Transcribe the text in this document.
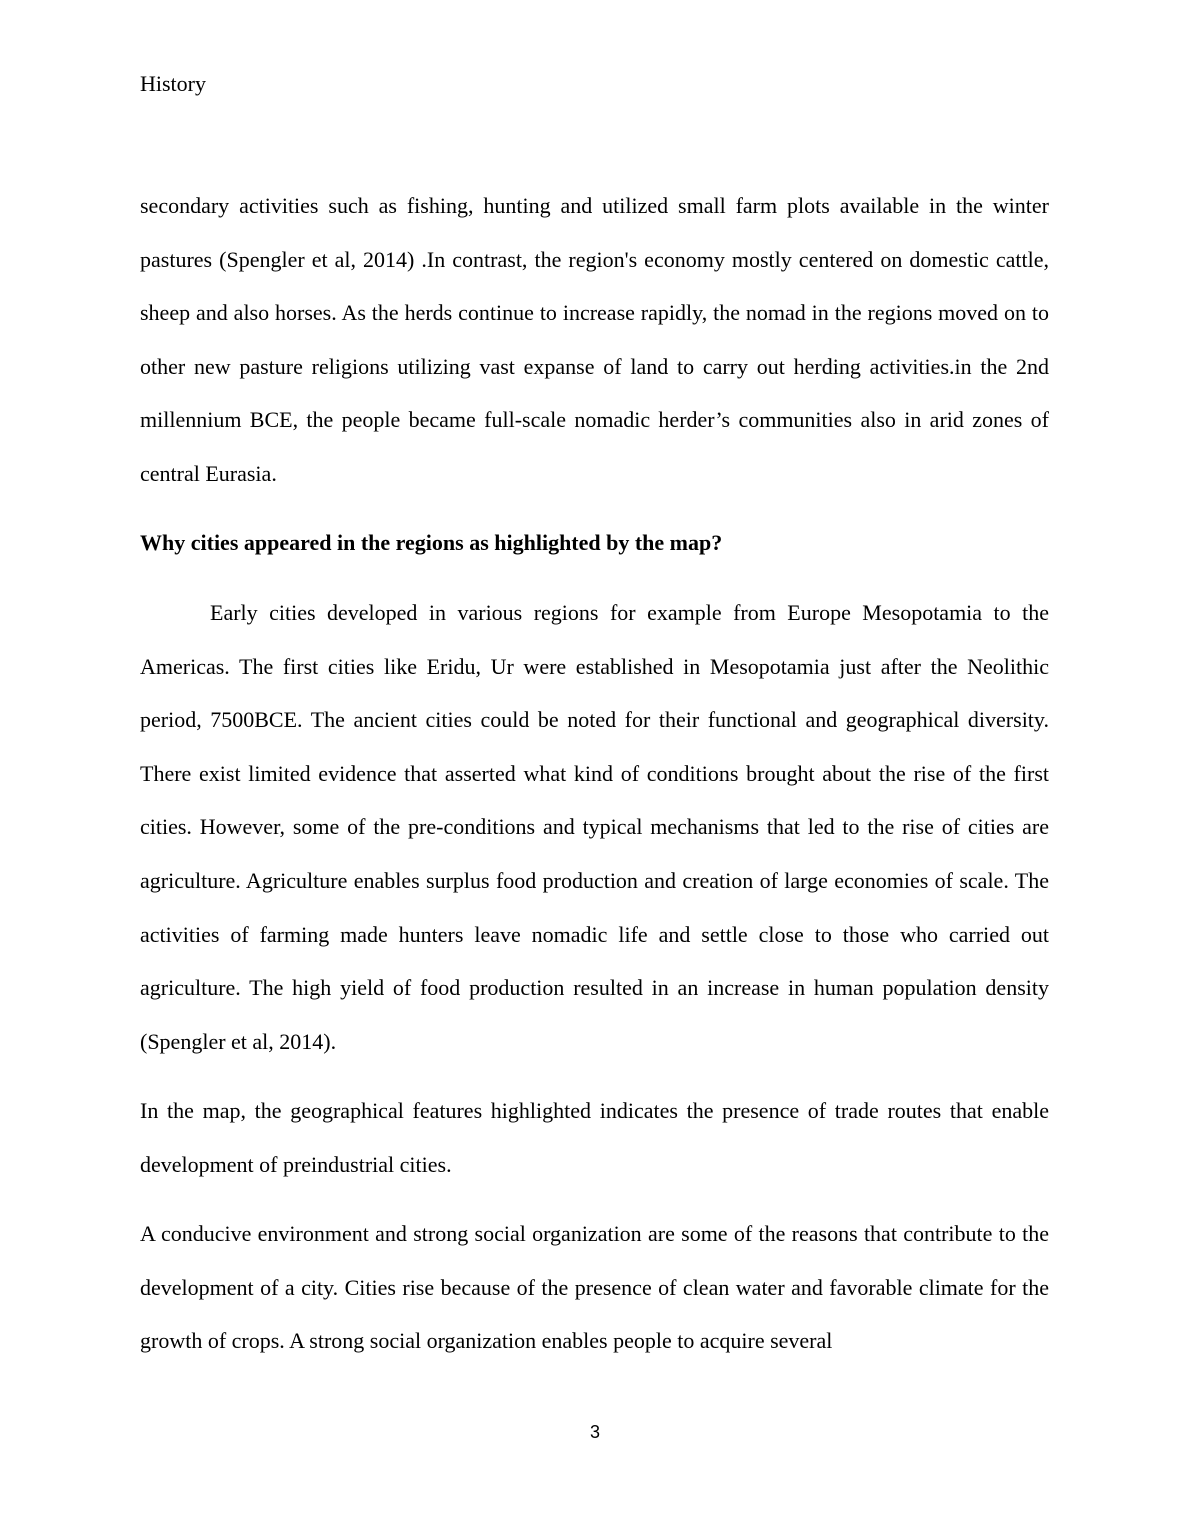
History

secondary activities such as fishing, hunting and utilized small farm plots available in the winter pastures (Spengler et al, 2014) .In contrast, the region's economy mostly centered on domestic cattle, sheep and also horses. As the herds continue to increase rapidly, the nomad in the regions moved on to other new pasture religions utilizing vast expanse of land to carry out herding activities.in the 2nd millennium BCE, the people became full-scale nomadic herder’s communities also in arid zones of central Eurasia.

Why cities appeared in the regions as highlighted by the map?

Early cities developed in various regions for example from Europe Mesopotamia to the Americas. The first cities like Eridu, Ur were established in Mesopotamia just after the Neolithic period, 7500BCE. The ancient cities could be noted for their functional and geographical diversity. There exist limited evidence that asserted what kind of conditions brought about the rise of the first cities. However, some of the pre-conditions and typical mechanisms that led to the rise of cities are agriculture. Agriculture enables surplus food production and creation of large economies of scale. The activities of farming made hunters leave nomadic life and settle close to those who carried out agriculture. The high yield of food production resulted in an increase in human population density (Spengler et al, 2014).

In the map, the geographical features highlighted indicates the presence of trade routes that enable development of preindustrial cities.

A conducive environment and strong social organization are some of the reasons that contribute to the development of a city. Cities rise because of the presence of clean water and favorable climate for the growth of crops. A strong social organization enables people to acquire several

3
